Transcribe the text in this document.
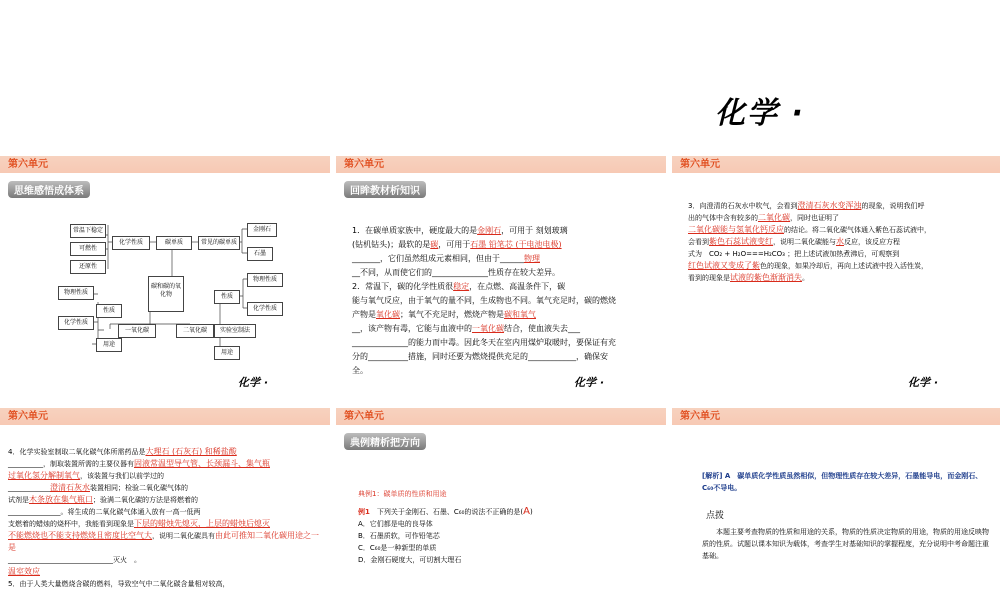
化学 ·
第六单元
思维感悟成体系
常温下稳定
可燃性
还原性
化学性质	碳单质	常见的碳单质
金刚石
石墨
碳和碳的氧化物
物理性质
化学性质
性质
用途
一氧化碳	二氧化碳
性质
物理性质
化学性质
实验室制法
用途
化学 ·
第六单元
回眸教材析知识
1．在碳单质家族中，硬度最大的是金刚石，可用于 刻划玻璃
(钻机钻头)；最软的是碳，可用于石墨 铅笔芯 (干电池电极)
_______，它们虽然组成元素相同，但由于______物理
__不同，从而使它们的______________性质存在较大差异。
2．常温下，碳的化学性质很稳定，在点燃、高温条件下，碳
能与氧气反应，由于氧气的量不同，生成物也不同。氧气充足时，碳的燃烧
产物是氧化碳；氧气不充足时，燃烧产物是碳和氧气
__，该产物有毒，它能与血液中的一氧化碳结合，使血液失去___
______________的能力而中毒。因此冬天在室内用煤炉取暖时，要保证有充
分的__________措施，同时还要为燃烧提供充足的____________，确保安
全。
化学 ·
第六单元
3．向澄清的石灰水中吹气，会看到澄清石灰水变浑浊的现象，说明我们呼
出的气体中含有较多的二氧化碳，同时也证明了
二氧化碳能与氢氧化钙反应的结论。将二氧化碳气体通入紫色石蕊试液中，
会看到紫色石蕊试液变红，说明二氧化碳能与水反应，该反应方程
式为　CO₂ + H₂O===H₂CO₃ ；把上述试液加热煮沸后，可观察到
红色试液又变成了紫色的现象，如果冷却后，再向上述试液中投入活性炭，
看到的现象是试液的紫色渐渐消失。
化学 ·
第六单元
4．化学实验室制取二氧化碳气体所需药品是大理石 (石灰石) 和稀盐酸
__________，制取装置所需的主要仪器有固液常温型导气管、长颈漏斗、集气瓶
过氧化氢分解制氧气，该装置与我们以前学过的
____________澄清石灰水装置相同；检验二氧化碳气体的
试剂是木条放在集气瓶口；验满二氧化碳的方法是将燃着的
_______________。将生成的二氧化碳气体通入放有一高一低两
支燃着的蜡烛的烧杯中，我能看到现象是下层的蜡烛先熄灭，上层的蜡烛后熄灭
不能燃烧也不能支持燃烧且密度比空气大，说明二氧化碳具有由此可推知二氧化碳用途之一是
______________________________灭火　。
温室效应
5．由于人类大量燃烧含碳的燃料，导致空气中二氧化碳含量相对较高，
第六单元
典例精析把方向
典例1：碳单质的性质和用途
例1　 下列关于金刚石、石墨、C₆₀的说法不正确的是(A)
A．它们都是电的良导体
B．石墨质软，可作铅笔芯
C．C₆₀是一种新型的单质
D．金刚石硬度大，可切割大理石
第六单元
[解析] A　碳单质化学性质虽然相似，但物理性质存在较大差异，石墨能导电，而金刚石、C₆₀不导电。
点拨
本题主要考查物质的性质和用途的关系，物质的性质决定物质的用途，物质的用途反映物质的性质。试题以课本知识为载体，考查学生对基础知识的掌握程度，充分说明中考命题注重基础。
